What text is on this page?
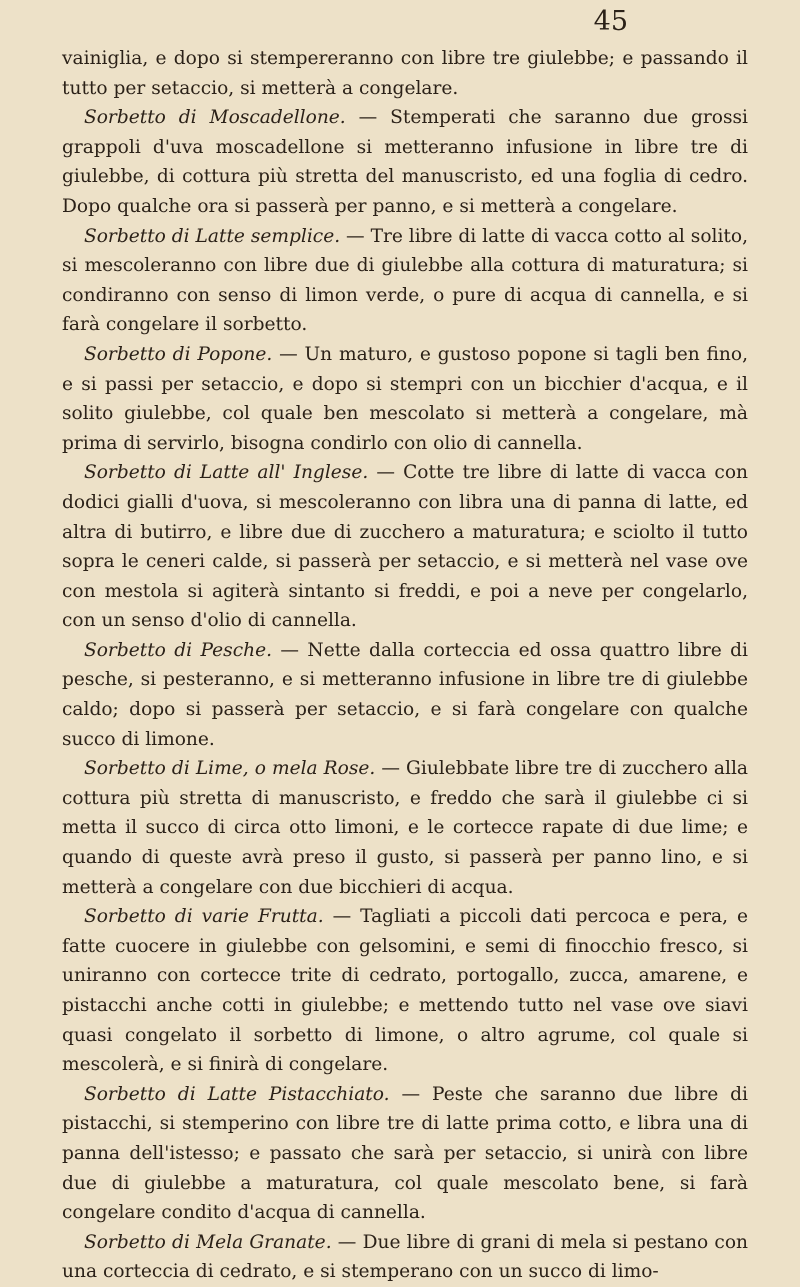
45

vainiglia, e dopo si stempereranno con libre tre giulebbe; e passando il tutto per setaccio, si metterà a congelare.

Sorbetto di Moscadellone. — Stemperati che saranno due grossi grappoli d'uva moscadellone si metteranno infusione in libre tre di giulebbe, di cottura più stretta del manuscristo, ed una foglia di cedro. Dopo qualche ora si passerà per panno, e si metterà a congelare.

Sorbetto di Latte semplice. — Tre libre di latte di vacca cotto al solito, si mescoleranno con libre due di giulebbe alla cottura di maturatura; si condiranno con senso di limon verde, o pure di acqua di cannella, e si farà congelare il sorbetto.

Sorbetto di Popone. — Un maturo, e gustoso popone si tagli ben fino, e si passi per setaccio, e dopo si stempri con un bicchier d'acqua, e il solito giulebbe, col quale ben mescolato si metterà a congelare, mà prima di servirlo, bisogna condirlo con olio di cannella.

Sorbetto di Latte all' Inglese. — Cotte tre libre di latte di vacca con dodici gialli d'uova, si mescoleranno con libra una di panna di latte, ed altra di butirro, e libre due di zucchero a maturatura; e sciolto il tutto sopra le ceneri calde, si passerà per setaccio, e si metterà nel vase ove con mestola si agiterà sintanto si freddi, e poi a neve per congelarlo, con un senso d'olio di cannella.

Sorbetto di Pesche. — Nette dalla corteccia ed ossa quattro libre di pesche, si pesteranno, e si metteranno infusione in libre tre di giulebbe caldo; dopo si passerà per setaccio, e si farà congelare con qualche succo di limone.

Sorbetto di Lime, o mela Rose. — Giulebbate libre tre di zucchero alla cottura più stretta di manuscristo, e freddo che sarà il giulebbe ci si metta il succo di circa otto limoni, e le cortecce rapate di due lime; e quando di queste avrà preso il gusto, si passerà per panno lino, e si metterà a congelare con due bicchieri di acqua.

Sorbetto di varie Frutta. — Tagliati a piccoli dati percoca e pera, e fatte cuocere in giulebbe con gelsomini, e semi di finocchio fresco, si uniranno con cortecce trite di cedrato, portogallo, zucca, amarene, e pistacchi anche cotti in giulebbe; e mettendo tutto nel vase ove siavi quasi congelato il sorbetto di limone, o altro agrume, col quale si mescolerà, e si finirà di congelare.

Sorbetto di Latte Pistacchiato. — Peste che saranno due libre di pistacchi, si stemperino con libre tre di latte prima cotto, e libra una di panna dell'istesso; e passato che sarà per setaccio, si unirà con libre due di giulebbe a maturatura, col quale mescolato bene, si farà congelare condito d'acqua di cannella.

Sorbetto di Mela Granate. — Due libre di grani di mela si pestano con una corteccia di cedrato, e si stemperano con un succo di limo-
